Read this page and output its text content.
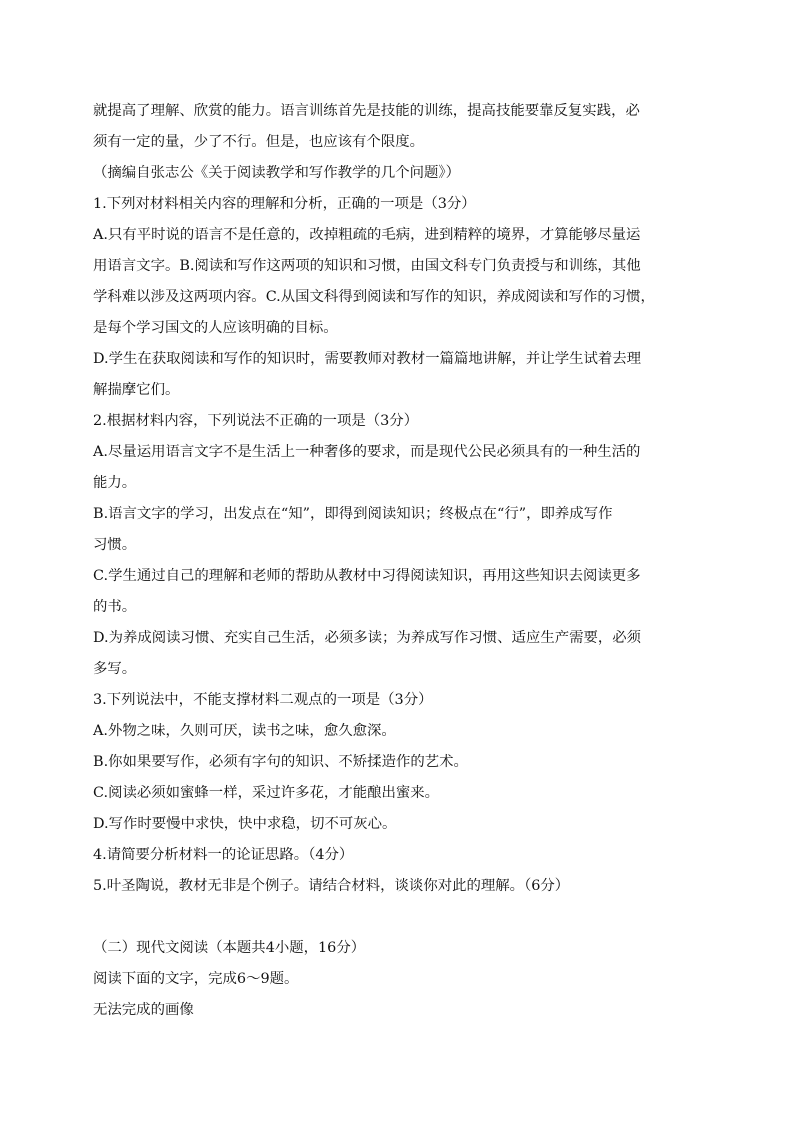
就提高了理解、欣赏的能力。语言训练首先是技能的训练，提高技能要靠反复实践，必
须有一定的量，少了不行。但是，也应该有个限度。
（摘编自张志公《关于阅读教学和写作教学的几个问题》）
1.下列对材料相关内容的理解和分析，正确的一项是（3分）
A.只有平时说的语言不是任意的，改掉粗疏的毛病，进到精粹的境界，才算能够尽量运
用语言文字。B.阅读和写作这两项的知识和习惯，由国文科专门负责授与和训练，其他
学科难以涉及这两项内容。C.从国文科得到阅读和写作的知识，养成阅读和写作的习惯，
是每个学习国文的人应该明确的目标。
D.学生在获取阅读和写作的知识时，需要教师对教材一篇篇地讲解，并让学生试着去理
解揣摩它们。
2.根据材料内容，下列说法不正确的一项是（3分）
A.尽量运用语言文字不是生活上一种奢侈的要求，而是现代公民必须具有的一种生活的
能力。
B.语言文字的学习，出发点在“知”，即得到阅读知识；终极点在“行”，即养成写作
习惯。
C.学生通过自己的理解和老师的帮助从教材中习得阅读知识，再用这些知识去阅读更多
的书。
D.为养成阅读习惯、充实自己生活，必须多读；为养成写作习惯、适应生产需要，必须
多写。
3.下列说法中，不能支撑材料二观点的一项是（3分）
A.外物之味，久则可厌，读书之味，愈久愈深。
B.你如果要写作，必须有字句的知识、不矫揉造作的艺术。
C.阅读必须如蜜蜂一样，采过许多花，才能酿出蜜来。
D.写作时要慢中求快，快中求稳，切不可灰心。
4.请简要分析材料一的论证思路。（4分）
5.叶圣陶说，教材无非是个例子。请结合材料，谈谈你对此的理解。（6分）
（二）现代文阅读（本题共4小题，16分）
阅读下面的文字，完成6～9题。
无法完成的画像
